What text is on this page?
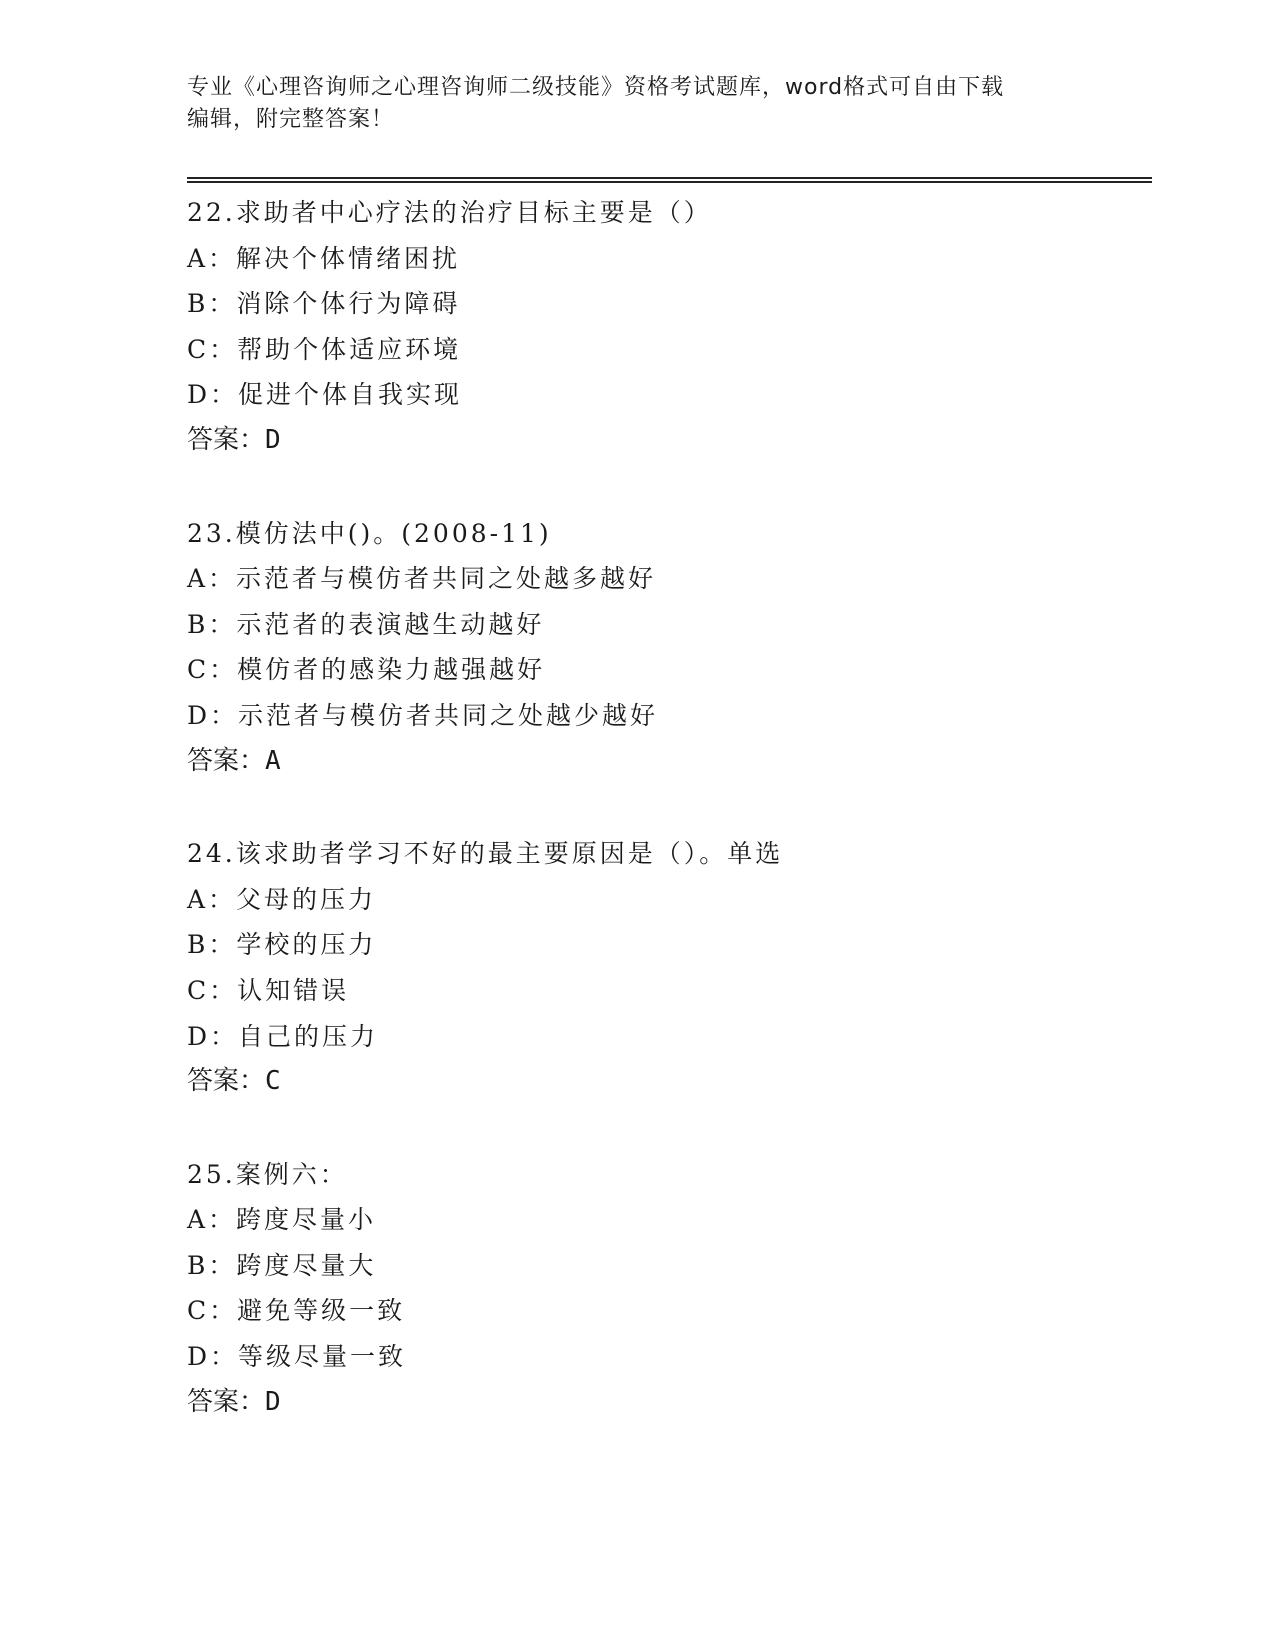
专业《心理咨询师之心理咨询师二级技能》资格考试题库，word格式可自由下载
编辑，附完整答案！
22.求助者中心疗法的治疗目标主要是（）
A：解决个体情绪困扰
B：消除个体行为障碍
C：帮助个体适应环境
D：促进个体自我实现
答案：D
23.模仿法中()。(2008-11)
A：示范者与模仿者共同之处越多越好
B：示范者的表演越生动越好
C：模仿者的感染力越强越好
D：示范者与模仿者共同之处越少越好
答案：A
24.该求助者学习不好的最主要原因是（）。单选
A：父母的压力
B：学校的压力
C：认知错误
D：自己的压力
答案：C
25.案例六：
A：跨度尽量小
B：跨度尽量大
C：避免等级一致
D：等级尽量一致
答案：D
